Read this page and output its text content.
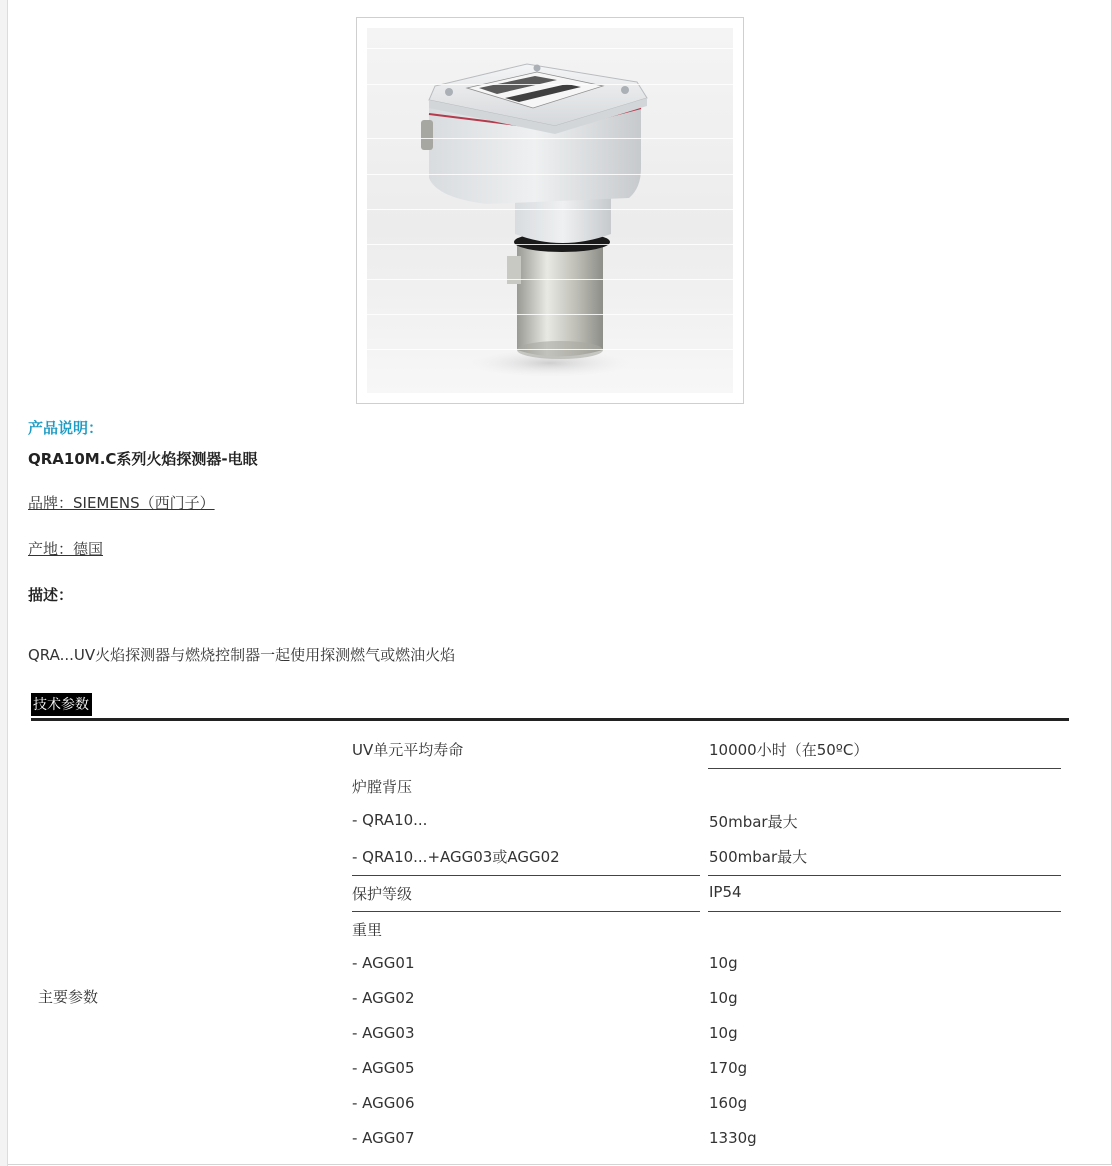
产品说明：
QRA10M.C系列火焰探测器-电眼
品牌：SIEMENS（西门子）
产地：德国
描述：
QRA...UV火焰探测器与燃烧控制器一起使用探测燃气或燃油火焰
技术参数
主要参数
UV单元平均寿命	10000小时（在50ºC）
炉膛背压
- QRA10...	50mbar最大
- QRA10...+AGG03或AGG02	500mbar最大
保护等级	IP54
重里
- AGG01	10g
- AGG02	10g
- AGG03	10g
- AGG05	170g
- AGG06	160g
- AGG07	1330g
